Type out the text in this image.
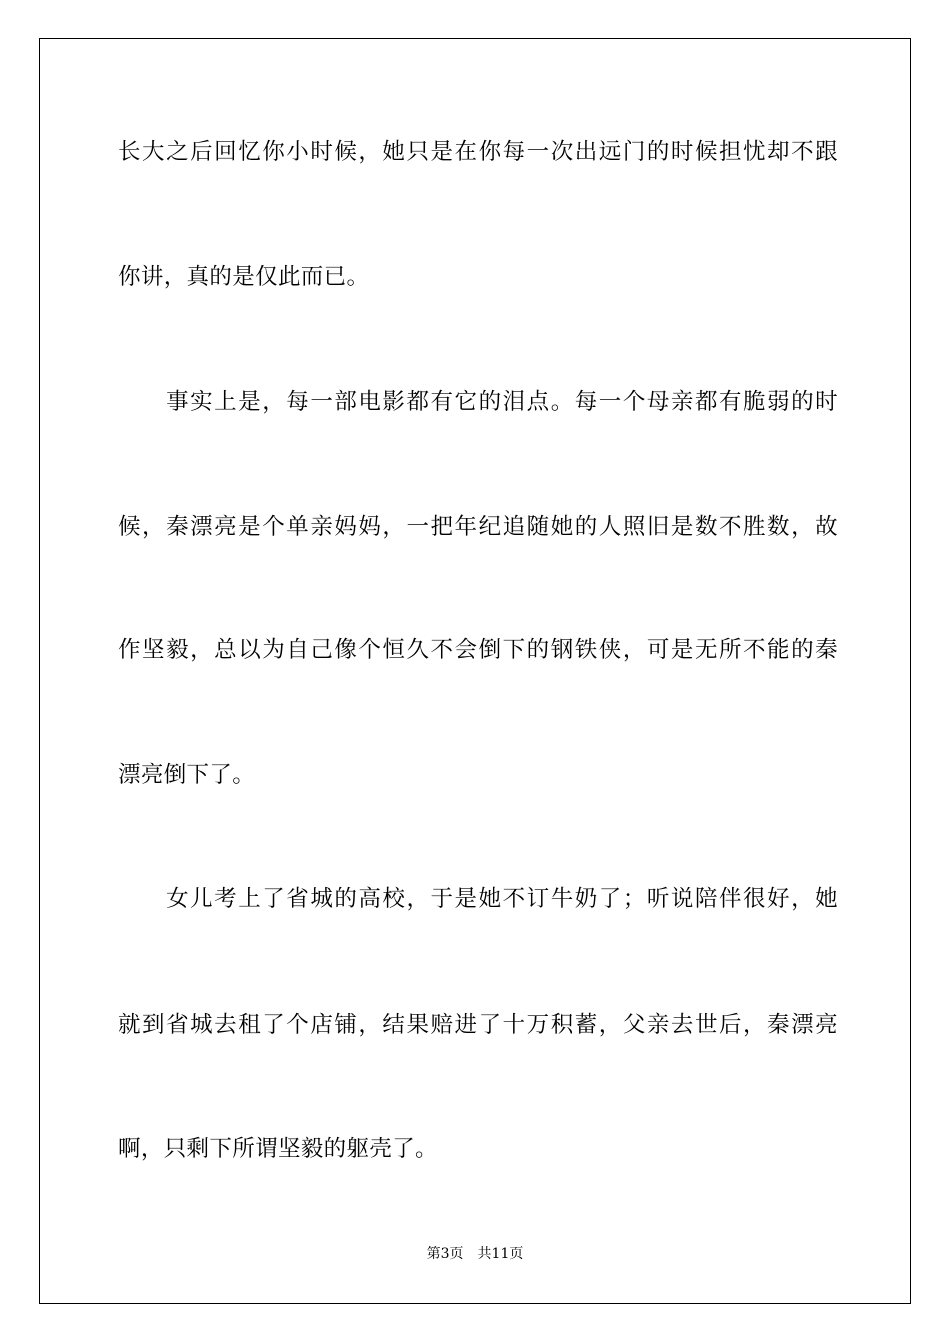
长大之后回忆你小时候，她只是在你每一次出远门的时候担忧却不跟
你讲，真的是仅此而已。
　　事实上是，每一部电影都有它的泪点。每一个母亲都有脆弱的时
候，秦漂亮是个单亲妈妈，一把年纪追随她的人照旧是数不胜数，故
作坚毅，总以为自己像个恒久不会倒下的钢铁侠，可是无所不能的秦
漂亮倒下了。
　　女儿考上了省城的高校，于是她不订牛奶了；听说陪伴很好，她
就到省城去租了个店铺，结果赔进了十万积蓄，父亲去世后，秦漂亮
啊，只剩下所谓坚毅的躯壳了。
第3页 共11页
